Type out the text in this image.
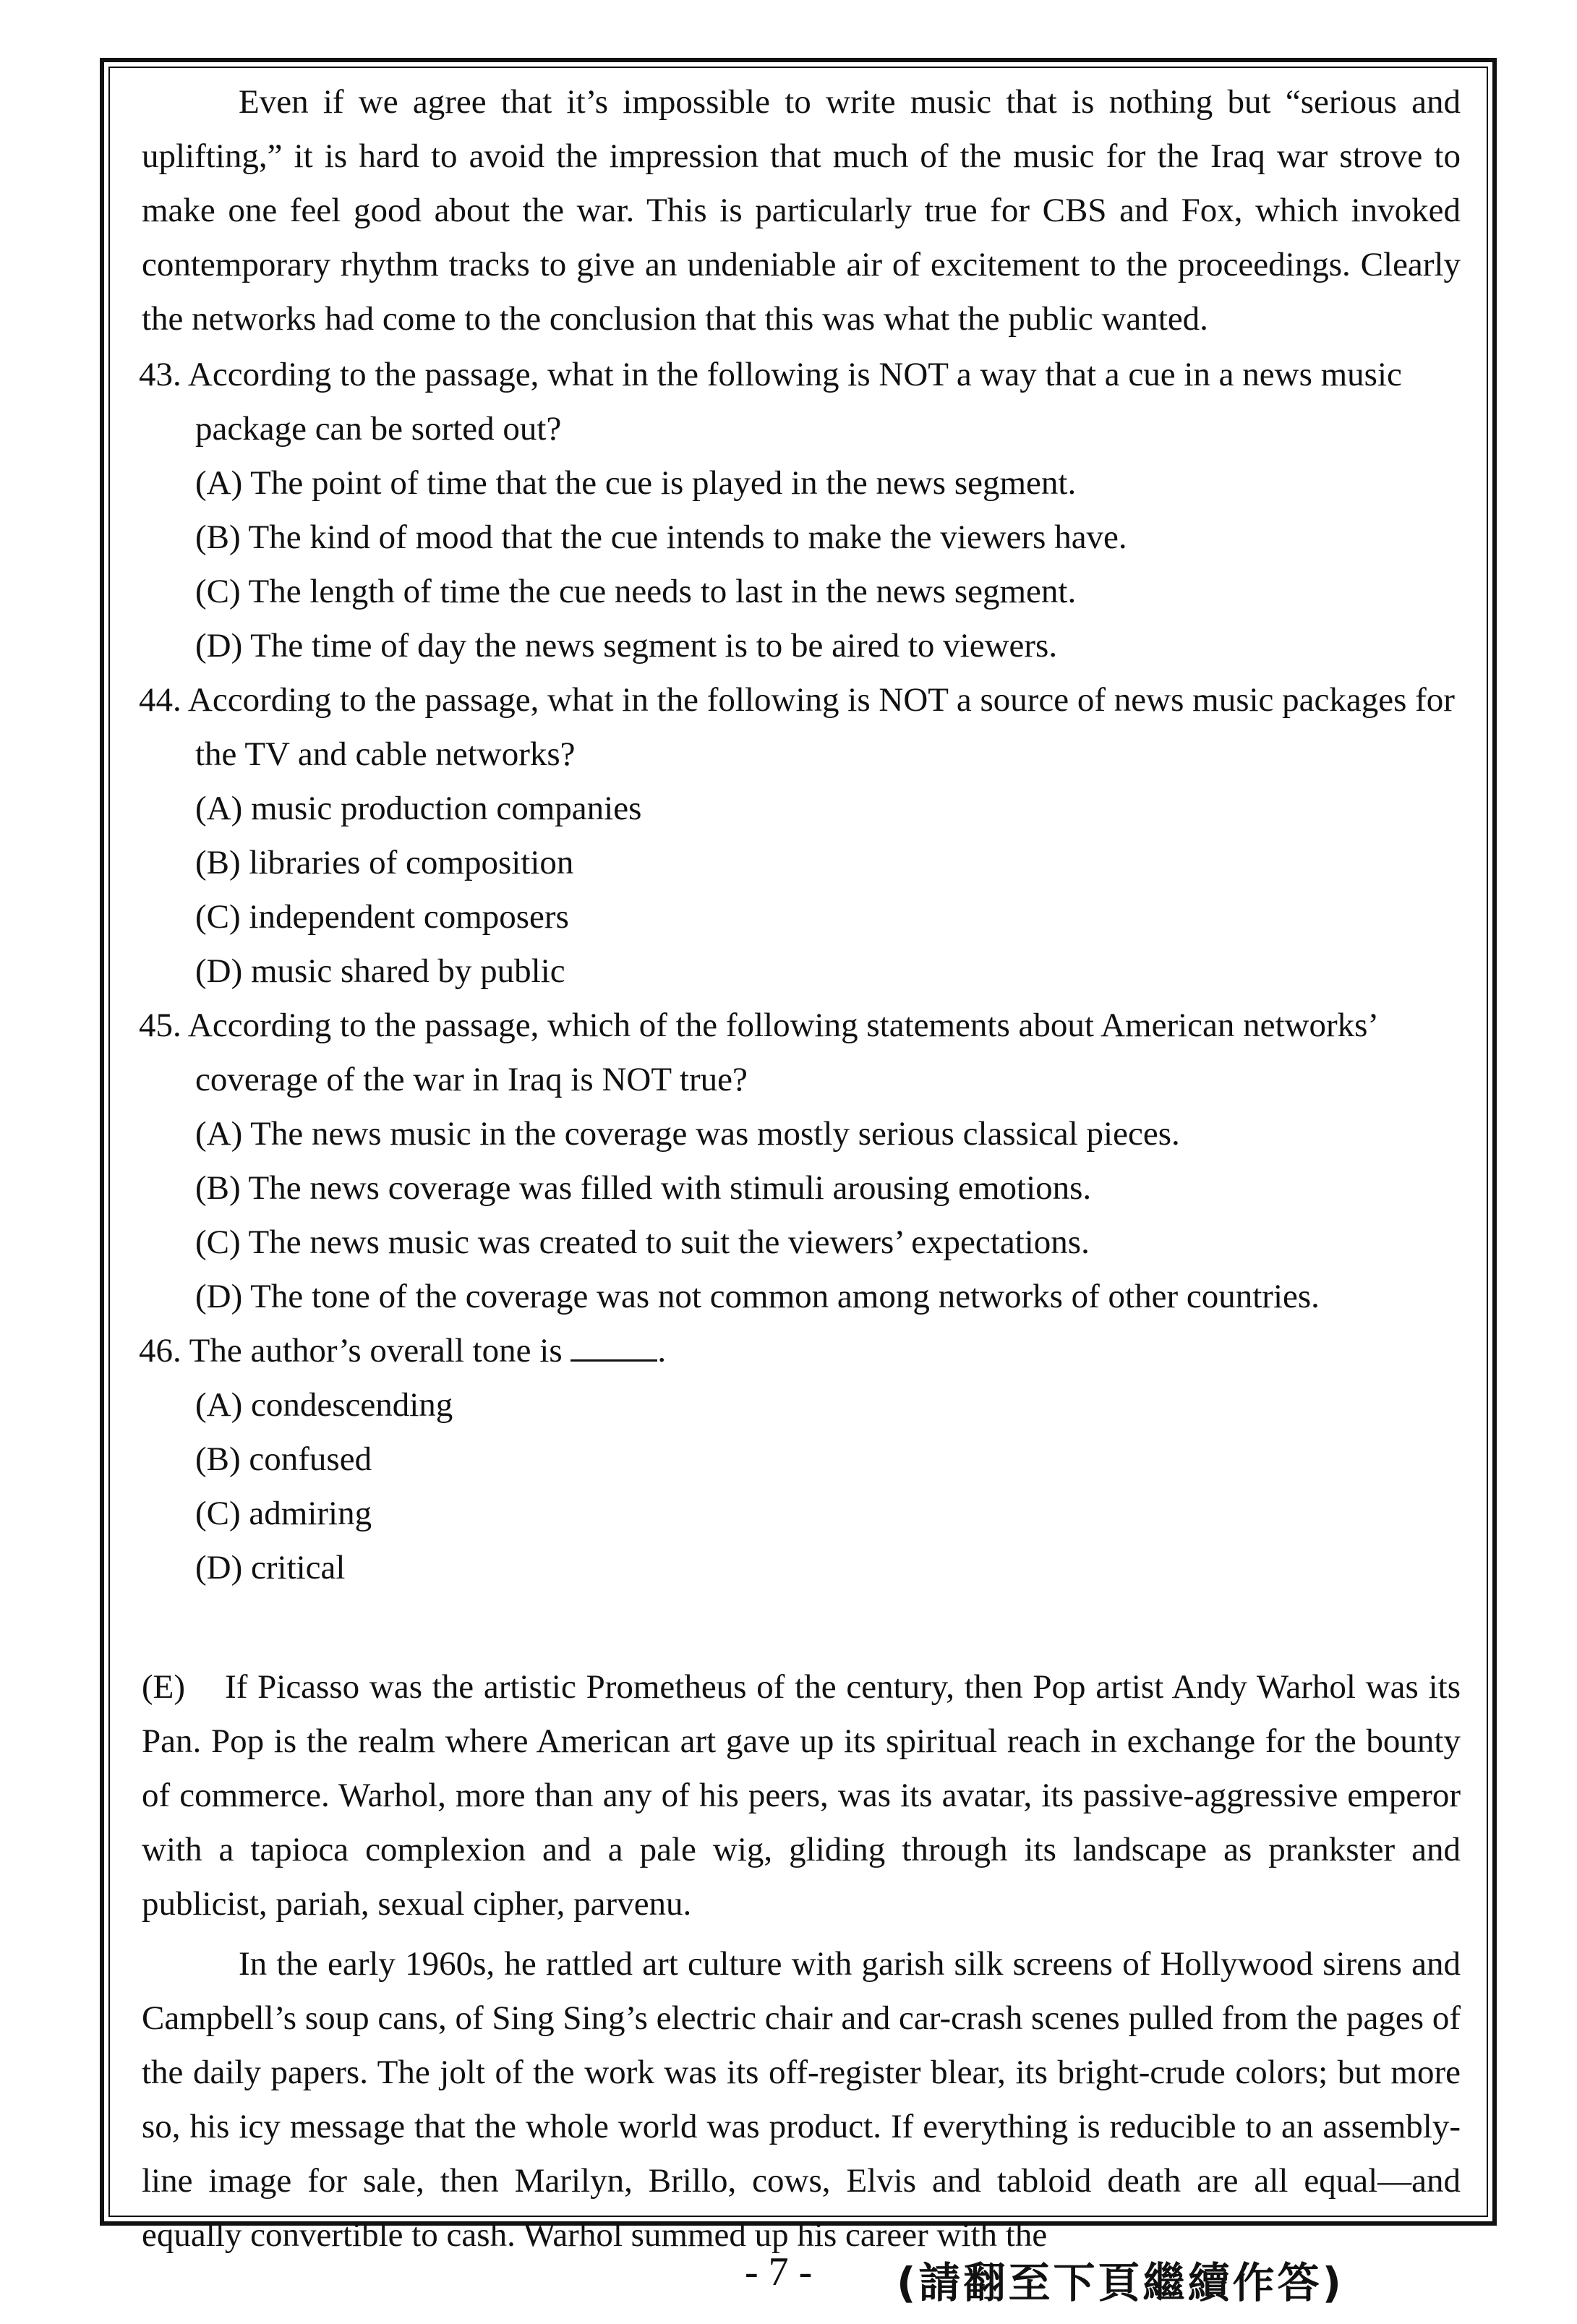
Even if we agree that it’s impossible to write music that is nothing but “serious and uplifting,” it is hard to avoid the impression that much of the music for the Iraq war strove to make one feel good about the war. This is particularly true for CBS and Fox, which invoked contemporary rhythm tracks to give an undeniable air of excitement to the proceedings. Clearly the networks had come to the conclusion that this was what the public wanted.

43. According to the passage, what in the following is NOT a way that a cue in a news music package can be sorted out?
(A) The point of time that the cue is played in the news segment.
(B) The kind of mood that the cue intends to make the viewers have.
(C) The length of time the cue needs to last in the news segment.
(D) The time of day the news segment is to be aired to viewers.
44. According to the passage, what in the following is NOT a source of news music packages for the TV and cable networks?
(A) music production companies
(B) libraries of composition
(C) independent composers
(D) music shared by public
45. According to the passage, which of the following statements about American networks’ coverage of the war in Iraq is NOT true?
(A) The news music in the coverage was mostly serious classical pieces.
(B) The news coverage was filled with stimuli arousing emotions.
(C) The news music was created to suit the viewers’ expectations.
(D) The tone of the coverage was not common among networks of other countries.
46. The author’s overall tone is	.
(A) condescending
(B) confused
(C) admiring
(D) critical

(E) If Picasso was the artistic Prometheus of the century, then Pop artist Andy Warhol was its Pan. Pop is the realm where American art gave up its spiritual reach in exchange for the bounty of commerce. Warhol, more than any of his peers, was its avatar, its passive-aggressive emperor with a tapioca complexion and a pale wig, gliding through its landscape as prankster and publicist, pariah, sexual cipher, parvenu.

In the early 1960s, he rattled art culture with garish silk screens of Hollywood sirens and Campbell’s soup cans, of Sing Sing’s electric chair and car-crash scenes pulled from the pages of the daily papers. The jolt of the work was its off-register blear, its bright-crude colors; but more so, his icy message that the whole world was product. If everything is reducible to an assembly-line image for sale, then Marilyn, Brillo, cows, Elvis and tabloid death are all equal—and equally convertible to cash. Warhol summed up his career with the

- 7 - (請翻至下頁繼續作答)
